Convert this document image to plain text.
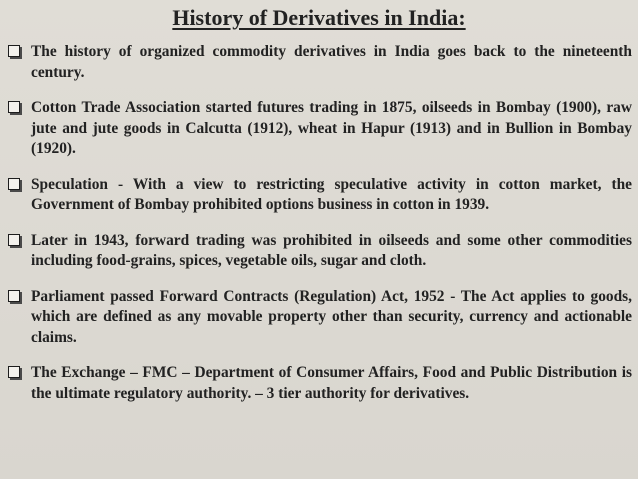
History of Derivatives in India:
The history of organized commodity derivatives in India goes back to the nineteenth century.
Cotton Trade Association started futures trading in 1875, oilseeds in Bombay (1900), raw jute and jute goods in Calcutta (1912), wheat in Hapur (1913) and in Bullion in Bombay (1920).
Speculation - With a view to restricting speculative activity in cotton market, the Government of Bombay prohibited options business in cotton in 1939.
Later in 1943, forward trading was prohibited in oilseeds and some other commodities including food-grains, spices, vegetable oils, sugar and cloth.
Parliament passed Forward Contracts (Regulation) Act, 1952 - The Act applies to goods, which are defined as any movable property other than security, currency and actionable claims.
The Exchange – FMC – Department of Consumer Affairs, Food and Public Distribution is the ultimate regulatory authority. – 3 tier authority for derivatives.
